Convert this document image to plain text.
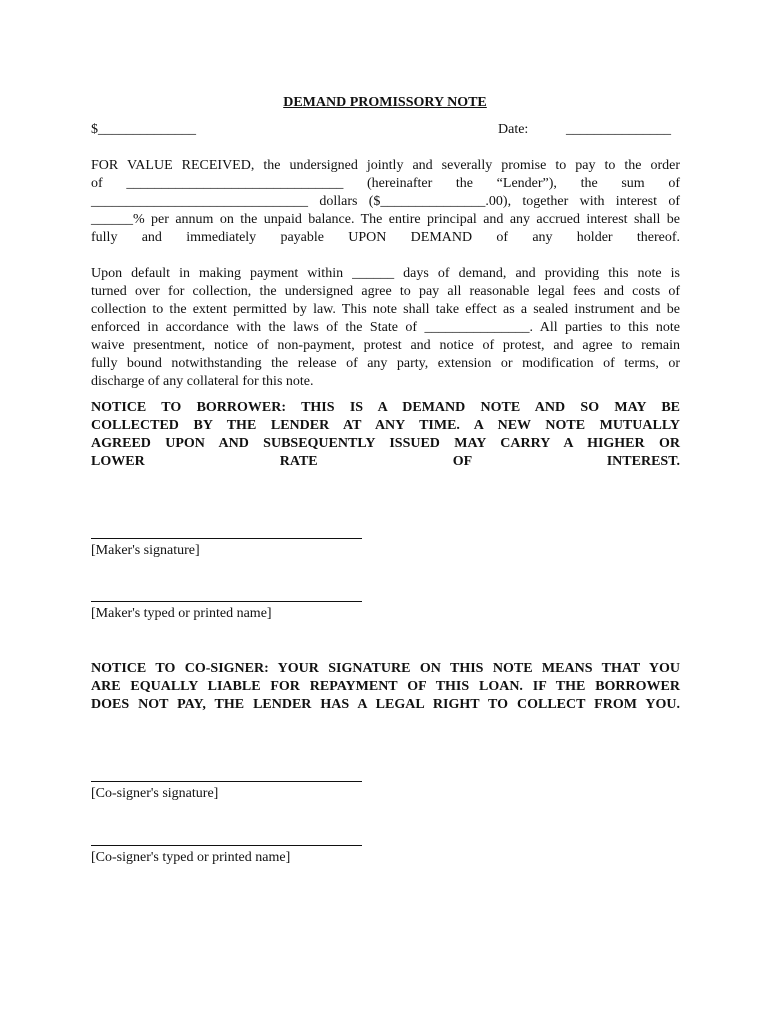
DEMAND PROMISSORY NOTE
$______________	Date:	_______________
FOR VALUE RECEIVED, the undersigned jointly and severally promise to pay to the order
of _______________________________ (hereinafter the “Lender”), the sum of
_______________________________ dollars ($_______________.00), together with interest of
______% per annum on the unpaid balance. The entire principal and any accrued interest shall be
fully and immediately payable UPON DEMAND of any holder thereof.
Upon default in making payment within ______ days of demand, and providing this note is
turned over for collection, the undersigned agree to pay all reasonable legal fees and costs of
collection to the extent permitted by law. This note shall take effect as a sealed instrument and be
enforced in accordance with the laws of the State of _______________. All parties to this note
waive presentment, notice of non-payment, protest and notice of protest, and agree to remain
fully bound notwithstanding the release of any party, extension or modification of terms, or
discharge of any collateral for this note.
NOTICE TO BORROWER: THIS IS A DEMAND NOTE AND SO MAY BE
COLLECTED BY THE LENDER AT ANY TIME. A NEW NOTE MUTUALLY
AGREED UPON AND SUBSEQUENTLY ISSUED MAY CARRY A HIGHER OR
LOWER RATE OF INTEREST.
[Maker's signature]
[Maker's typed or printed name]
NOTICE TO CO-SIGNER: YOUR SIGNATURE ON THIS NOTE MEANS THAT YOU
ARE EQUALLY LIABLE FOR REPAYMENT OF THIS LOAN. IF THE BORROWER
DOES NOT PAY, THE LENDER HAS A LEGAL RIGHT TO COLLECT FROM YOU.
[Co-signer's signature]
[Co-signer's typed or printed name]
